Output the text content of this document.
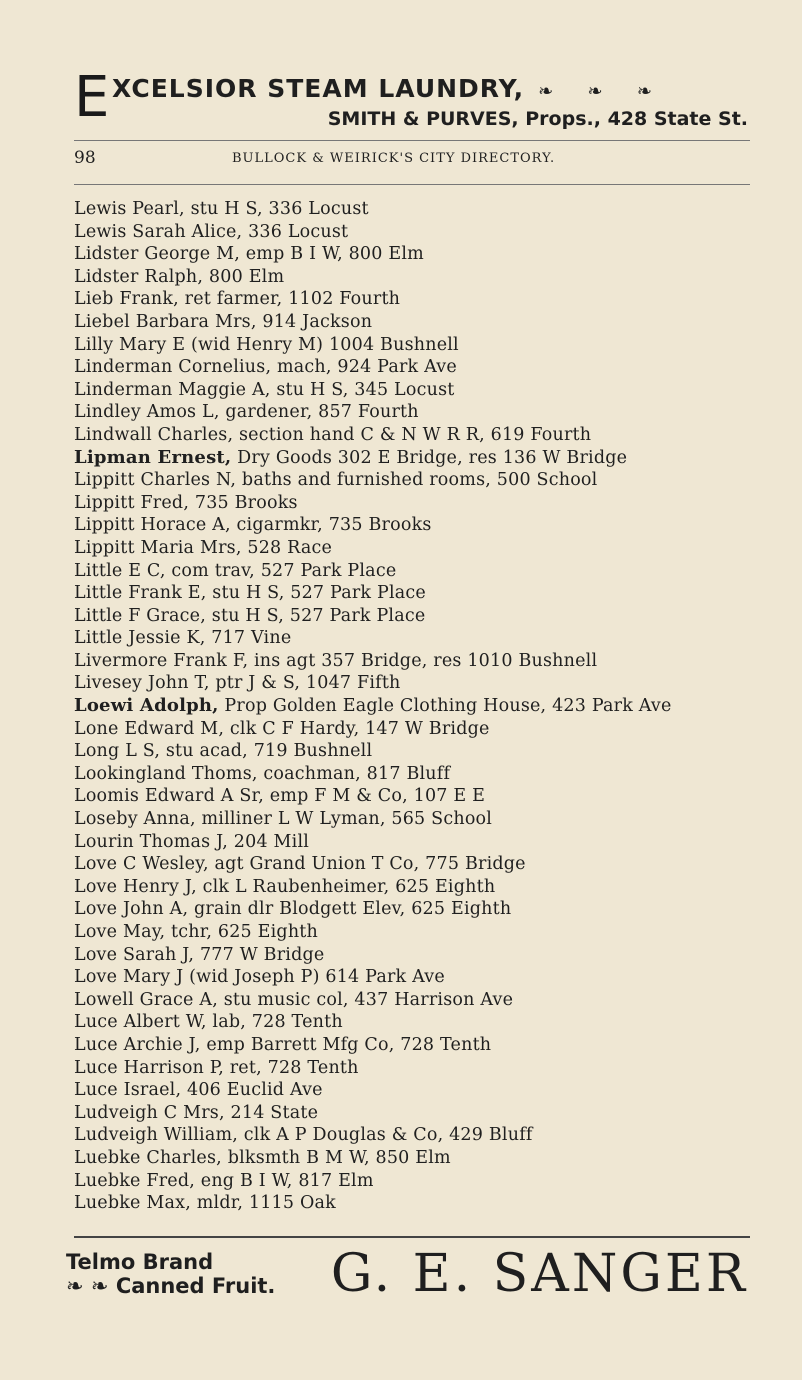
E XCELSIOR STEAM LAUNDRY, ❧ ❧ ❧
SMITH & PURVES, Props., 428 State St.
98	BULLOCK & WEIRICK'S CITY DIRECTORY.
Lewis Pearl, stu H S, 336 Locust
Lewis Sarah Alice, 336 Locust
Lidster George M, emp B I W, 800 Elm
Lidster Ralph, 800 Elm
Lieb Frank, ret farmer, 1102 Fourth
Liebel Barbara Mrs, 914 Jackson
Lilly Mary E (wid Henry M) 1004 Bushnell
Linderman Cornelius, mach, 924 Park Ave
Linderman Maggie A, stu H S, 345 Locust
Lindley Amos L, gardener, 857 Fourth
Lindwall Charles, section hand C & N W R R, 619 Fourth
Lipman Ernest, Dry Goods 302 E Bridge, res 136 W Bridge
Lippitt Charles N, baths and furnished rooms, 500 School
Lippitt Fred, 735 Brooks
Lippitt Horace A, cigarmkr, 735 Brooks
Lippitt Maria Mrs, 528 Race
Little E C, com trav, 527 Park Place
Little Frank E, stu H S, 527 Park Place
Little F Grace, stu H S, 527 Park Place
Little Jessie K, 717 Vine
Livermore Frank F, ins agt 357 Bridge, res 1010 Bushnell
Livesey John T, ptr J & S, 1047 Fifth
Loewi Adolph, Prop Golden Eagle Clothing House, 423 Park Ave
Lone Edward M, clk C F Hardy, 147 W Bridge
Long L S, stu acad, 719 Bushnell
Lookingland Thoms, coachman, 817 Bluff
Loomis Edward A Sr, emp F M & Co, 107 E E
Loseby Anna, milliner L W Lyman, 565 School
Lourin Thomas J, 204 Mill
Love C Wesley, agt Grand Union T Co, 775 Bridge
Love Henry J, clk L Raubenheimer, 625 Eighth
Love John A, grain dlr Blodgett Elev, 625 Eighth
Love May, tchr, 625 Eighth
Love Sarah J, 777 W Bridge
Love Mary J (wid Joseph P) 614 Park Ave
Lowell Grace A, stu music col, 437 Harrison Ave
Luce Albert W, lab, 728 Tenth
Luce Archie J, emp Barrett Mfg Co, 728 Tenth
Luce Harrison P, ret, 728 Tenth
Luce Israel, 406 Euclid Ave
Ludveigh C Mrs, 214 State
Ludveigh William, clk A P Douglas & Co, 429 Bluff
Luebke Charles, blksmth B M W, 850 Elm
Luebke Fred, eng B I W, 817 Elm
Luebke Max, mldr, 1115 Oak
Telmo Brand
❧ ❧ Canned Fruit. G. E. SANGER
